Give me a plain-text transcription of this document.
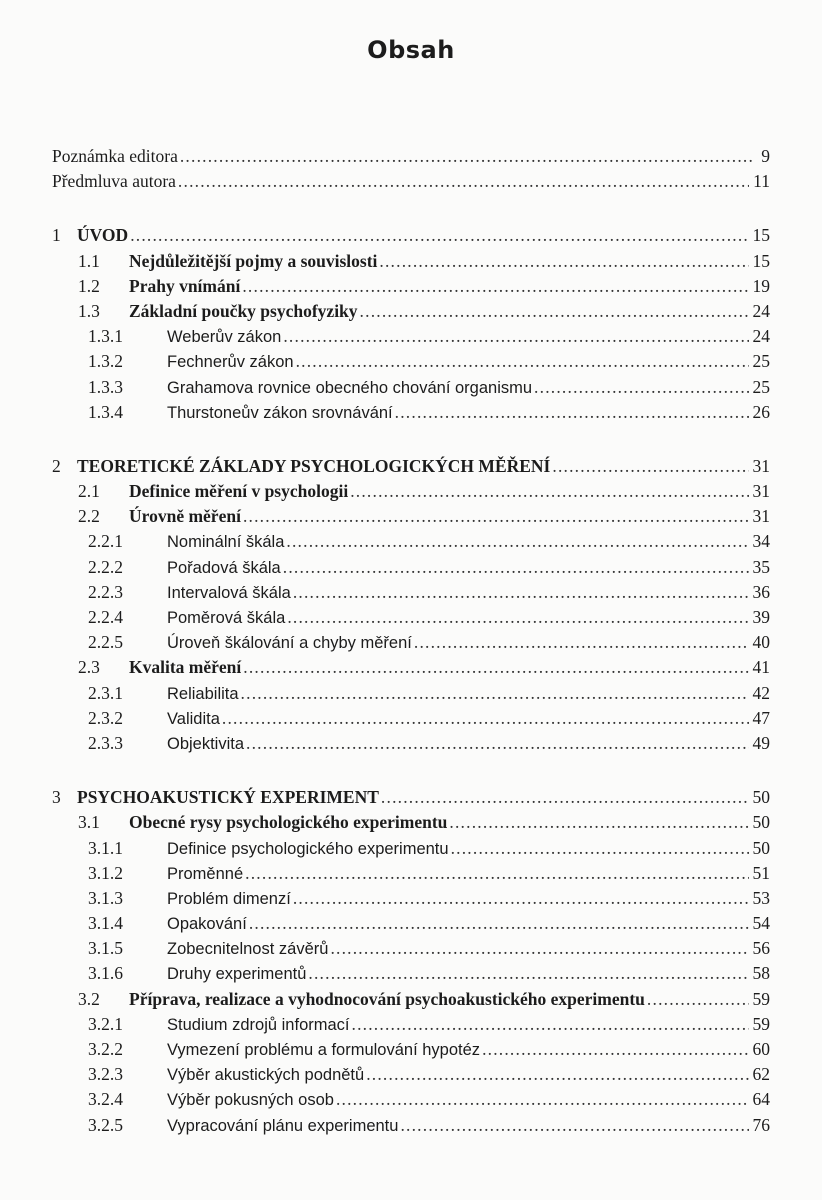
Obsah
Poznámka editora .....	9
Předmluva autora .....	11
1 ÚVOD .....	15
1.1	Nejdůležitější pojmy a souvislosti .....	15
1.2	Prahy vnímání .....	19
1.3	Základní poučky psychofyziky .....	24
1.3.1	Weberův zákon .....	24
1.3.2	Fechnerův zákon .....	25
1.3.3	Grahamova rovnice obecného chování organismu .....	25
1.3.4	Thurstoneův zákon srovnávání .....	26
2 TEORETICKÉ ZÁKLADY PSYCHOLOGICKÝCH MĚŘENÍ .....	31
2.1	Definice měření v psychologii .....	31
2.2	Úrovně měření .....	31
2.2.1	Nominální škála .....	34
2.2.2	Pořadová škála .....	35
2.2.3	Intervalová škála .....	36
2.2.4	Poměrová škála .....	39
2.2.5	Úroveň škálování a chyby měření .....	40
2.3	Kvalita měření .....	41
2.3.1	Reliabilita .....	42
2.3.2	Validita .....	47
2.3.3	Objektivita .....	49
3 PSYCHOAKUSTICKÝ EXPERIMENT .....	50
3.1	Obecné rysy psychologického experimentu .....	50
3.1.1	Definice psychologického experimentu .....	50
3.1.2	Proměnné .....	51
3.1.3	Problém dimenzí .....	53
3.1.4	Opakování .....	54
3.1.5	Zobecnitelnost závěrů .....	56
3.1.6	Druhy experimentů .....	58
3.2	Příprava, realizace a vyhodnocování psychoakustického experimentu .....	59
3.2.1	Studium zdrojů informací .....	59
3.2.2	Vymezení problému a formulování hypotéz .....	60
3.2.3	Výběr akustických podnětů .....	62
3.2.4	Výběr pokusných osob .....	64
3.2.5	Vypracování plánu experimentu .....	76
